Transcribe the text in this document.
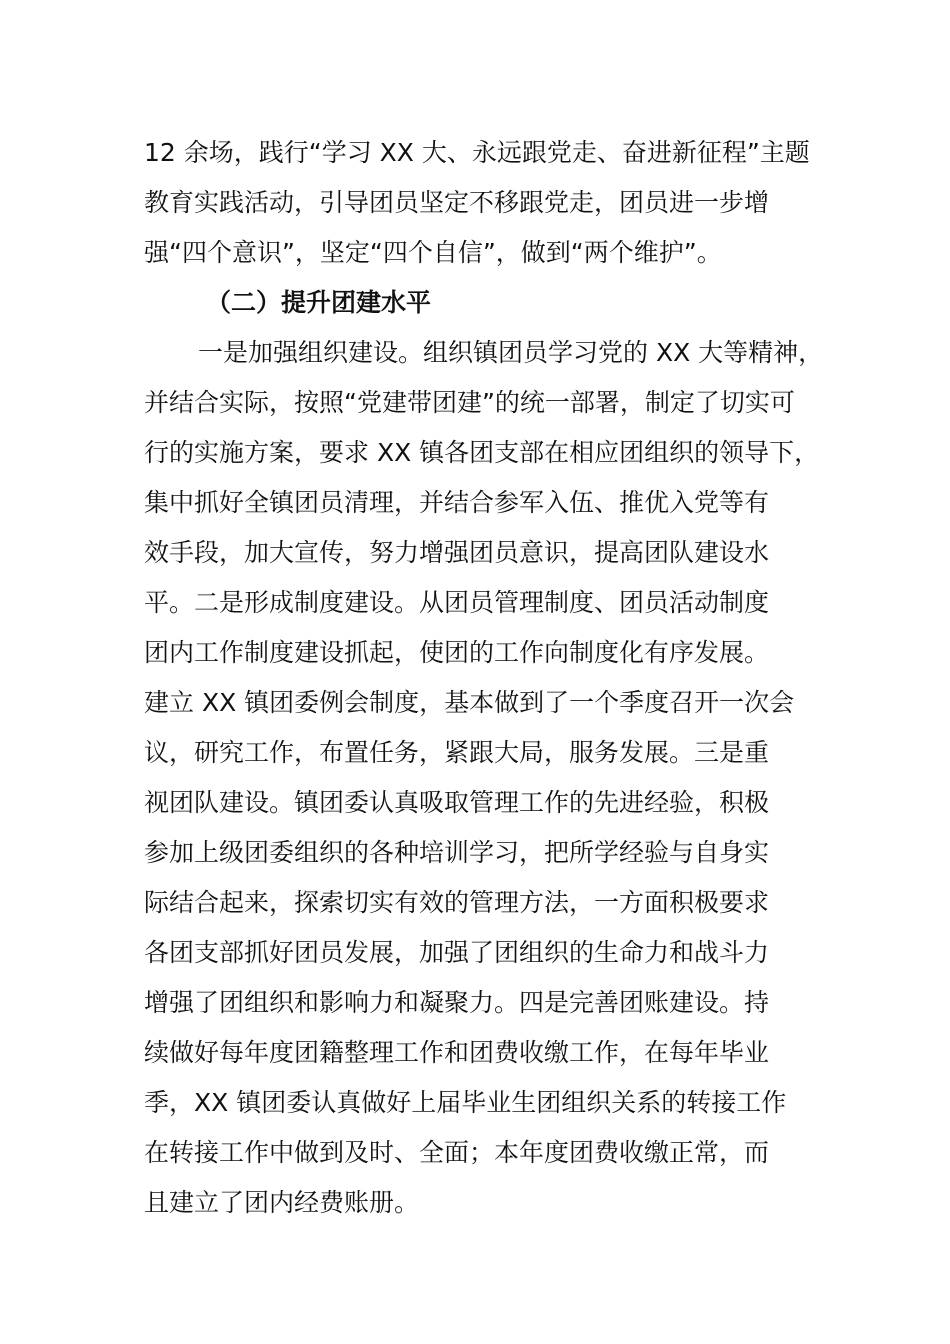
12 余场，践行“学习 XX 大、永远跟党走、奋进新征程”主题
教育实践活动，引导团员坚定不移跟党走，团员进一步增
强“四个意识”，坚定“四个自信”，做到“两个维护”。
（二）提升团建水平
一是加强组织建设。组织镇团员学习党的 XX 大等精神，
并结合实际，按照“党建带团建”的统一部署，制定了切实可
行的实施方案，要求 XX 镇各团支部在相应团组织的领导下，
集中抓好全镇团员清理，并结合参军入伍、推优入党等有
效手段，加大宣传，努力增强团员意识，提高团队建设水
平。二是形成制度建设。从团员管理制度、团员活动制度
团内工作制度建设抓起，使团的工作向制度化有序发展。
建立 XX 镇团委例会制度，基本做到了一个季度召开一次会
议，研究工作，布置任务，紧跟大局，服务发展。三是重
视团队建设。镇团委认真吸取管理工作的先进经验，积极
参加上级团委组织的各种培训学习，把所学经验与自身实
际结合起来，探索切实有效的管理方法，一方面积极要求
各团支部抓好团员发展，加强了团组织的生命力和战斗力
增强了团组织和影响力和凝聚力。四是完善团账建设。持
续做好每年度团籍整理工作和团费收缴工作，在每年毕业
季，XX 镇团委认真做好上届毕业生团组织关系的转接工作
在转接工作中做到及时、全面；本年度团费收缴正常，而
且建立了团内经费账册。
